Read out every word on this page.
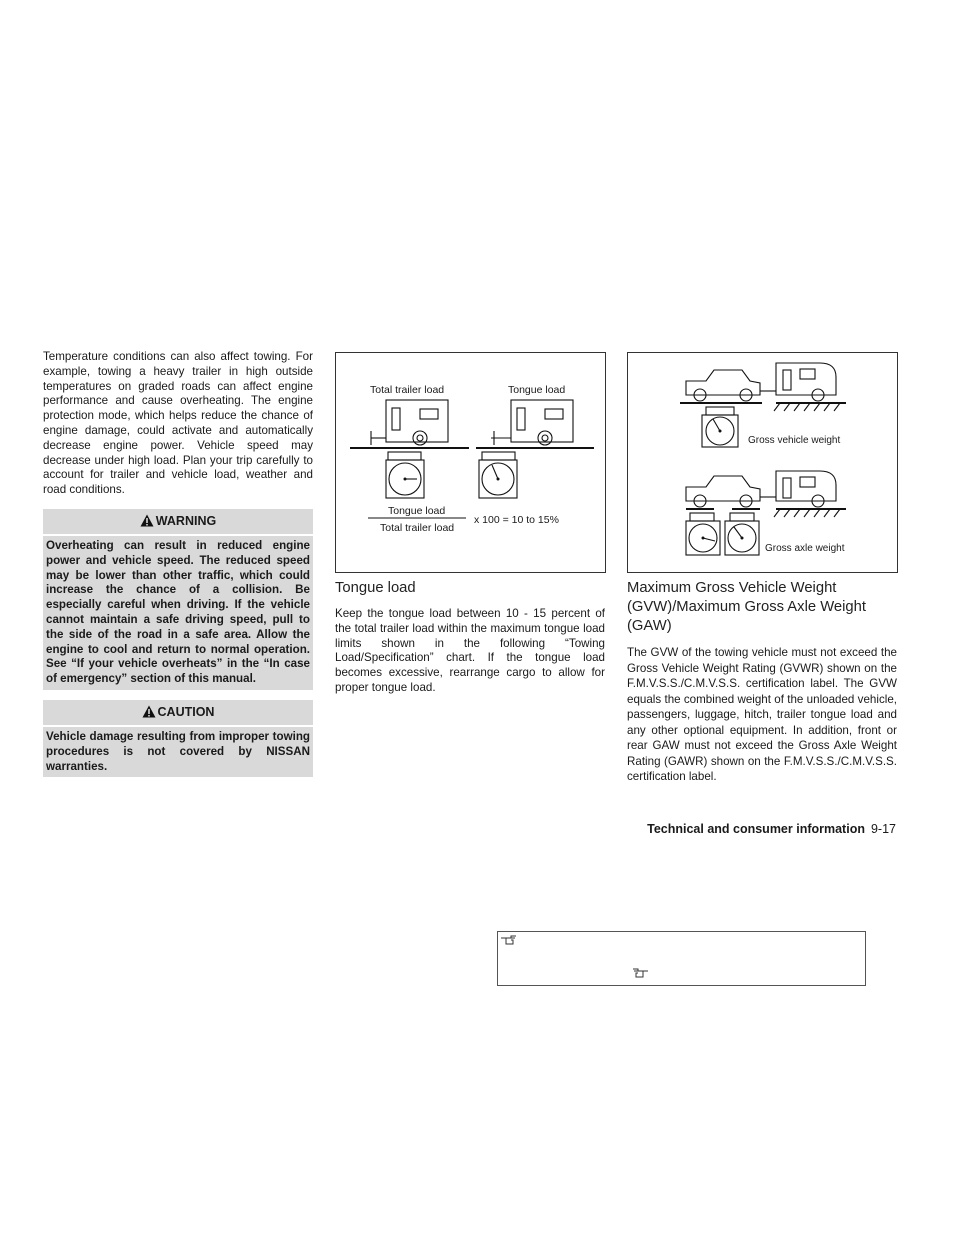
Temperature conditions can also affect towing. For example, towing a heavy trailer in high outside temperatures on graded roads can affect engine performance and cause overheating. The engine protection mode, which helps reduce the chance of engine damage, could activate and automatically decrease engine power. Vehicle speed may decrease under high load. Plan your trip carefully to account for trailer and vehicle load, weather and road conditions.
WARNING
Overheating can result in reduced engine power and vehicle speed. The reduced speed may be lower than other traffic, which could increase the chance of a collision. Be especially careful when driving. If the vehicle cannot maintain a safe driving speed, pull to the side of the road in a safe area. Allow the engine to cool and return to normal operation. See “If your vehicle overheats” in the “In case of emergency” section of this manual.
CAUTION
Vehicle damage resulting from improper towing procedures is not covered by NISSAN warranties.
Total trailer load	Tongue load
Tongue load
Total trailer load
x 100 = 10 to 15%
Tongue load
Keep the tongue load between 10 - 15 percent of the total trailer load within the maximum tongue load limits shown in the following “Towing Load/Specification” chart. If the tongue load becomes excessive, rearrange cargo to allow for proper tongue load.
Gross vehicle weight
Gross axle weight
Maximum Gross Vehicle Weight (GVW)/Maximum Gross Axle Weight (GAW)
The GVW of the towing vehicle must not exceed the Gross Vehicle Weight Rating (GVWR) shown on the F.M.V.S.S./C.M.V.S.S. certification label. The GVW equals the combined weight of the unloaded vehicle, passengers, luggage, hitch, trailer tongue load and any other optional equipment. In addition, front or rear GAW must not exceed the Gross Axle Weight Rating (GAWR) shown on the F.M.V.S.S./C.M.V.S.S. certification label.
Technical and consumer information 9-17
